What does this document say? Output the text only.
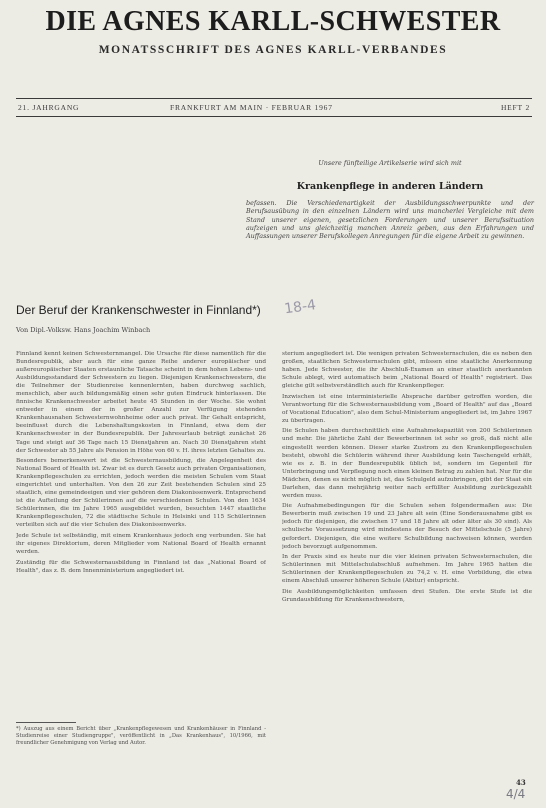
DIE AGNES KARLL-SCHWESTER
MONATSSCHRIFT DES AGNES KARLL-VERBANDES
21. JAHRGANG	FRANKFURT AM MAIN · FEBRUAR 1967	HEFT 2
Unsere fünfteilige Artikelserie wird sich mit
Krankenpflege in anderen Ländern
befassen. Die Verschiedenartigkeit der Ausbildungsschwerpunkte und der Berufsausübung in den einzelnen Ländern wird uns mancherlei Vergleiche mit dem Stand unserer eigenen, gesetzlichen Forderungen und unserer Berufssituation aufzeigen und uns gleichzeitig manchen Anreiz geben, aus den Erfahrungen und Auffassungen unserer Berufskollegen Anregungen für die eigene Arbeit zu gewinnen.
Der Beruf der Krankenschwester in Finnland*)
Von Dipl.-Volksw. Hans Joachim Winbach
18-4

Finnland kennt keinen Schwesternmangel. Die Ursache für diese namentlich für die Bundesrepublik, aber auch für eine ganze Reihe anderer europäischer und außereuropäischer Staaten erstaunliche Tatsache scheint in dem hohen Lebens- und Ausbildungsstandard der Schwestern zu liegen. Diejenigen Krankenschwestern, die die Teilnehmer der Studienreise kennenlernten, haben durchweg sachlich, menschlich, aber auch bildungsmäßig einen sehr guten Eindruck hinterlassen. Die finnische Krankenschwester arbeitet heute 45 Stunden in der Woche. Sie wohnt entweder in einem der in großer Anzahl zur Verfügung stehenden Krankenhausnahen Schwesternwohnheime oder auch privat. Ihr Gehalt entspricht, beeinflusst durch die Lebenshaltungskosten in Finnland, etwa dem der Krankenschwester in der Bundesrepublik. Der Jahresurlaub beträgt zunächst 26 Tage und steigt auf 36 Tage nach 15 Dienstjahren an. Nach 30 Dienstjahren steht der Schwester ab 55 Jahre als Pension in Höhe von 60 v. H. ihres letzten Gehaltes zu.

Besonders bemerkenswert ist die Schwesternausbildung, die Angelegenheit des National Board of Health ist. Zwar ist es durch Gesetz auch privaten Organisationen, Krankenpflegeschulen zu errichten, jedoch werden die meisten Schulen vom Staat eingerichtet und unterhalten. Von den 26 zur Zeit bestehenden Schulen sind 25 staatlich, eine gemeindeeigen und vier gehören dem Diakonissenwerk. Entsprechend ist die Aufteilung der Schülerinnen auf die verschiedenen Schulen. Von den 1634 Schülerinnen, die im Jahre 1965 ausgebildet wurden, besuchten 1447 staatliche Krankenpflegeschulen, 72 die städtische Schule in Helsinki und 115 Schülerinnen verteilten sich auf die vier Schulen des Diakonissenwerks.

Jede Schule ist selbständig, mit einem Krankenhaus jedoch eng verbunden. Sie hat ihr eigenes Direktorium, deren Mitglieder vom National Board of Health ernannt werden.

Zuständig für die Schwesternausbildung in Finnland ist das „National Board of Health", das z. B. dem Innenministerium angegliedert ist.

sterium angegliedert ist. Die wenigen privaten Schwesternschulen, die es neben den großen, staatlichen Schwesternschulen gibt, müssen eine staatliche Anerkennung haben. Jede Schwester, die ihr Abschluß-Examen an einer staatlich anerkannten Schule ablegt, wird automatisch beim „National Board of Health" registriert. Das gleiche gilt selbstverständlich auch für Krankenpfleger.

Inzwischen ist eine interministerielle Absprache darüber getroffen worden, die Verantwortung für die Schwesternausbildung vom „Board of Health" auf das „Board of Vocational Education", also dem Schul-Ministerium angegliedert ist, im Jahre 1967 zu übertragen.

Die Schulen haben durchschnittlich eine Aufnahmekapazität von 200 Schülerinnen und mehr. Die jährliche Zahl der Bewerberinnen ist sehr so groß, daß nicht alle eingestellt werden können. Dieser starke Zustrom zu den Krankenpflegeschulen besteht, obwohl die Schülerin während ihrer Ausbildung kein Taschengeld erhält, wie es z. B. in der Bundesrepublik üblich ist, sondern im Gegenteil für Unterbringung und Verpflegung noch einen kleinen Betrag zu zahlen hat. Nur für die Mädchen, denen es nicht möglich ist, das Schulgeld aufzubringen, gibt der Staat ein Darlehen, das dann mehrjährig weiter nach erfüllter Ausbildung zurückgezahlt werden muss.

Die Aufnahmebedingungen für die Schulen sehen folgendermaßen aus: Die Bewerberin muß zwischen 19 und 23 Jahre alt sein (Eine Sonderausnahme gibt es jedoch für diejenigen, die zwischen 17 und 18 Jahre alt oder älter als 30 sind). Als schulische Voraussetzung wird mindestens der Besuch der Mittelschule (5 Jahre) gefordert. Diejenigen, die eine weitere Schulbildung nachweisen können, werden jedoch bevorzugt aufgenommen.

In der Praxis sind es heute nur die vier kleinen privaten Schwesternschulen, die Schülerinnen mit Mittelschulabschluß aufnehmen. Im Jahre 1965 hatten die Schülerinnen der Krankenpflegeschulen zu 74,2 v. H. eine Vorbildung, die etwa einem Abschluß unserer höheren Schule (Abitur) entspricht.

Die Ausbildungsmöglichkeiten umfassen drei Stufen. Die erste Stufe ist die Grundausbildung für Krankenschwestern,

*) Auszug aus einem Bericht über „Krankenpflegewesen und Krankenhäuser in Finnland - Studienreise einer Studiengruppe", veröffentlicht in „Das Krankenhaus", 10/1966, mit freundlicher Genehmigung von Verlag und Autor.
43
4/4
